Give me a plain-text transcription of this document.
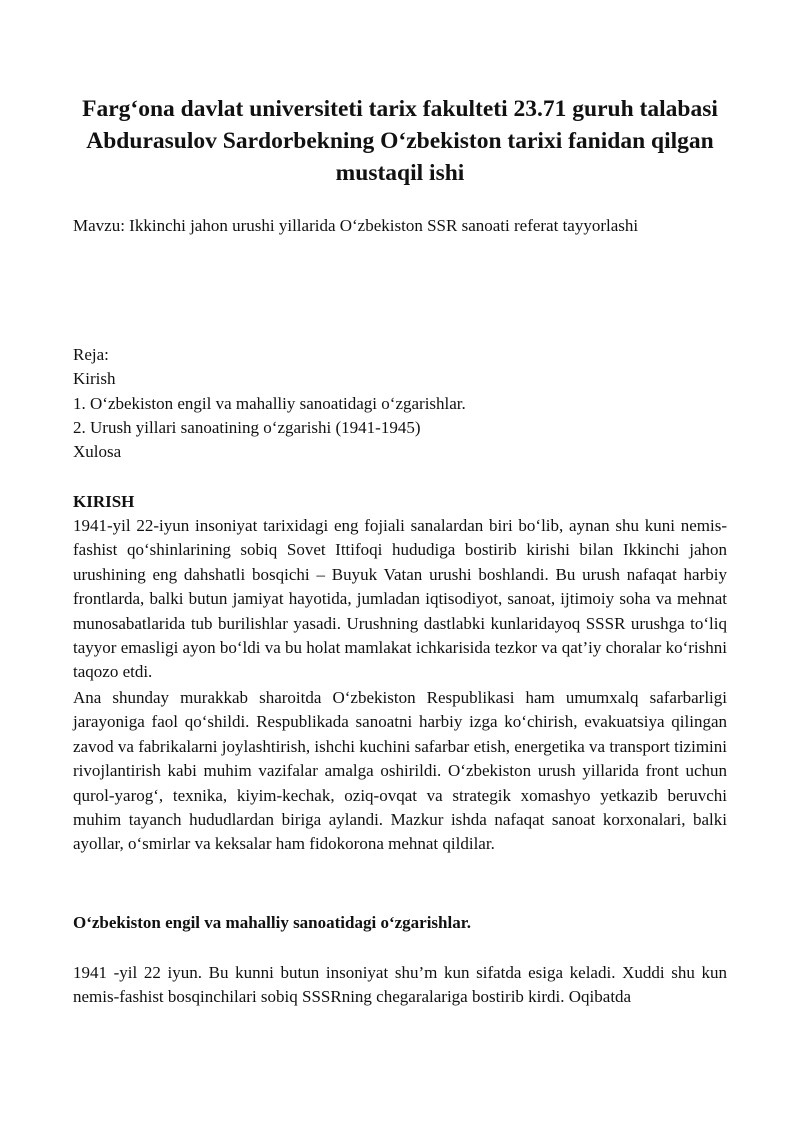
Farg‘ona davlat universiteti tarix fakulteti 23.71 guruh talabasi
Abdurasulov Sardorbekning O‘zbekiston tarixi fanidan qilgan
mustaqil ishi

Mavzu: Ikkinchi jahon urushi yillarida O‘zbekiston SSR sanoati referat tayyorlashi

Reja:
Kirish
1. O‘zbekiston engil va mahalliy sanoatidagi o‘zgarishlar.
2. Urush yillari sanoatining o‘zgarishi (1941-1945)
Xulosa
KIRISH

1941-yil 22-iyun insoniyat tarixidagi eng fojiali sanalardan biri bo‘lib, aynan shu kuni nemis-fashist qo‘shinlarining sobiq Sovet Ittifoqi hududiga bostirib kirishi bilan Ikkinchi jahon urushining eng dahshatli bosqichi – Buyuk Vatan urushi boshlandi. Bu urush nafaqat harbiy frontlarda, balki butun jamiyat hayotida, jumladan iqtisodiyot, sanoat, ijtimoiy soha va mehnat munosabatlarida tub burilishlar yasadi. Urushning dastlabki kunlaridayoq SSSR urushga to‘liq tayyor emasligi ayon bo‘ldi va bu holat mamlakat ichkarisida tezkor va qat’iy choralar ko‘rishni taqozo etdi.

Ana shunday murakkab sharoitda O‘zbekiston Respublikasi ham umumxalq safarbarligi jarayoniga faol qo‘shildi. Respublikada sanoatni harbiy izga ko‘chirish, evakuatsiya qilingan zavod va fabrikalarni joylashtirish, ishchi kuchini safarbar etish, energetika va transport tizimini rivojlantirish kabi muhim vazifalar amalga oshirildi. O‘zbekiston urush yillarida front uchun qurol-yarog‘, texnika, kiyim-kechak, oziq-ovqat va strategik xomashyo yetkazib beruvchi muhim tayanch hududlardan biriga aylandi. Mazkur ishda nafaqat sanoat korxonalari, balki ayollar, o‘smirlar va keksalar ham fidokorona mehnat qildilar.

O‘zbekiston engil va mahalliy sanoatidagi o‘zgarishlar.

1941 -yil 22 iyun. Bu kunni butun insoniyat shu’m kun sifatda esiga keladi. Xuddi shu kun nemis-fashist bosqinchilari sobiq SSSRning chegaralariga bostirib kirdi. Oqibatda
